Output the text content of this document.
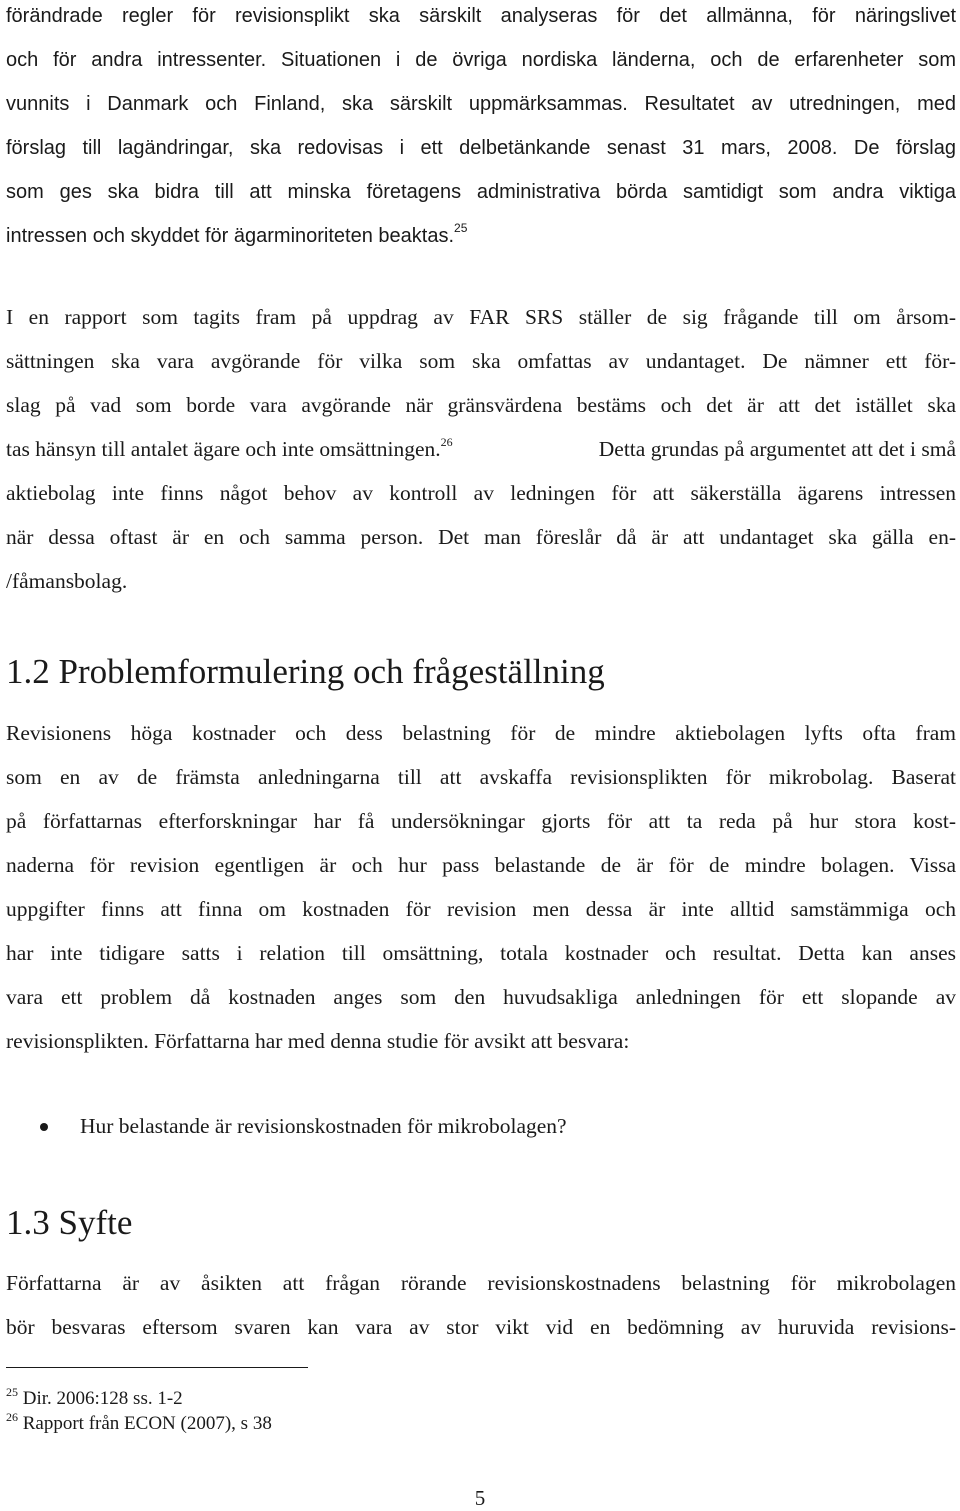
förändrade regler för revisionsplikt ska särskilt analyseras för det allmänna, för näringslivet
och för andra intressenter. Situationen i de övriga nordiska länderna, och de erfarenheter som
vunnits i Danmark och Finland, ska särskilt uppmärksammas. Resultatet av utredningen, med
förslag till lagändringar, ska redovisas i ett delbetänkande senast 31 mars, 2008. De förslag
som ges ska bidra till att minska företagens administrativa börda samtidigt som andra viktiga
intressen och skyddet för ägarminoriteten beaktas.$^{25}$
I en rapport som tagits fram på uppdrag av FAR SRS ställer de sig frågande till om årsom-
sättningen ska vara avgörande för vilka som ska omfattas av undantaget. De nämner ett för-
slag på vad som borde vara avgörande när gränsvärdena bestäms och det är att det istället ska
tas hänsyn till antalet ägare och inte omsättningen.$^{26}$	Detta grundas på argumentet att det i små
aktiebolag inte finns något behov av kontroll av ledningen för att säkerställa ägarens intressen
när dessa oftast är en och samma person. Det man föreslår då är att undantaget ska gälla en-
/fåmansbolag.
1.2 Problemformulering och frågeställning
Revisionens höga kostnader och dess belastning för de mindre aktiebolagen lyfts ofta fram
som en av de främsta anledningarna till att avskaffa revisionsplikten för mikrobolag. Baserat
på författarnas efterforskningar har få undersökningar gjorts för att ta reda på hur stora kost-
naderna för revision egentligen är och hur pass belastande de är för de mindre bolagen. Vissa
uppgifter finns att finna om kostnaden för revision men dessa är inte alltid samstämmiga och
har inte tidigare satts i relation till omsättning, totala kostnader och resultat. Detta kan anses
vara ett problem då kostnaden anges som den huvudsakliga anledningen för ett slopande av
revisionsplikten. Författarna har med denna studie för avsikt att besvara:
Hur belastande är revisionskostnaden för mikrobolagen?
1.3 Syfte
Författarna är av åsikten att frågan rörande revisionskostnadens belastning för mikrobolagen
bör besvaras eftersom svaren kan vara av stor vikt vid en bedömning av huruvida revisions-
$^{25}$ Dir. 2006:128 ss. 1-2
$^{26}$ Rapport från ECON (2007), s 38
5
